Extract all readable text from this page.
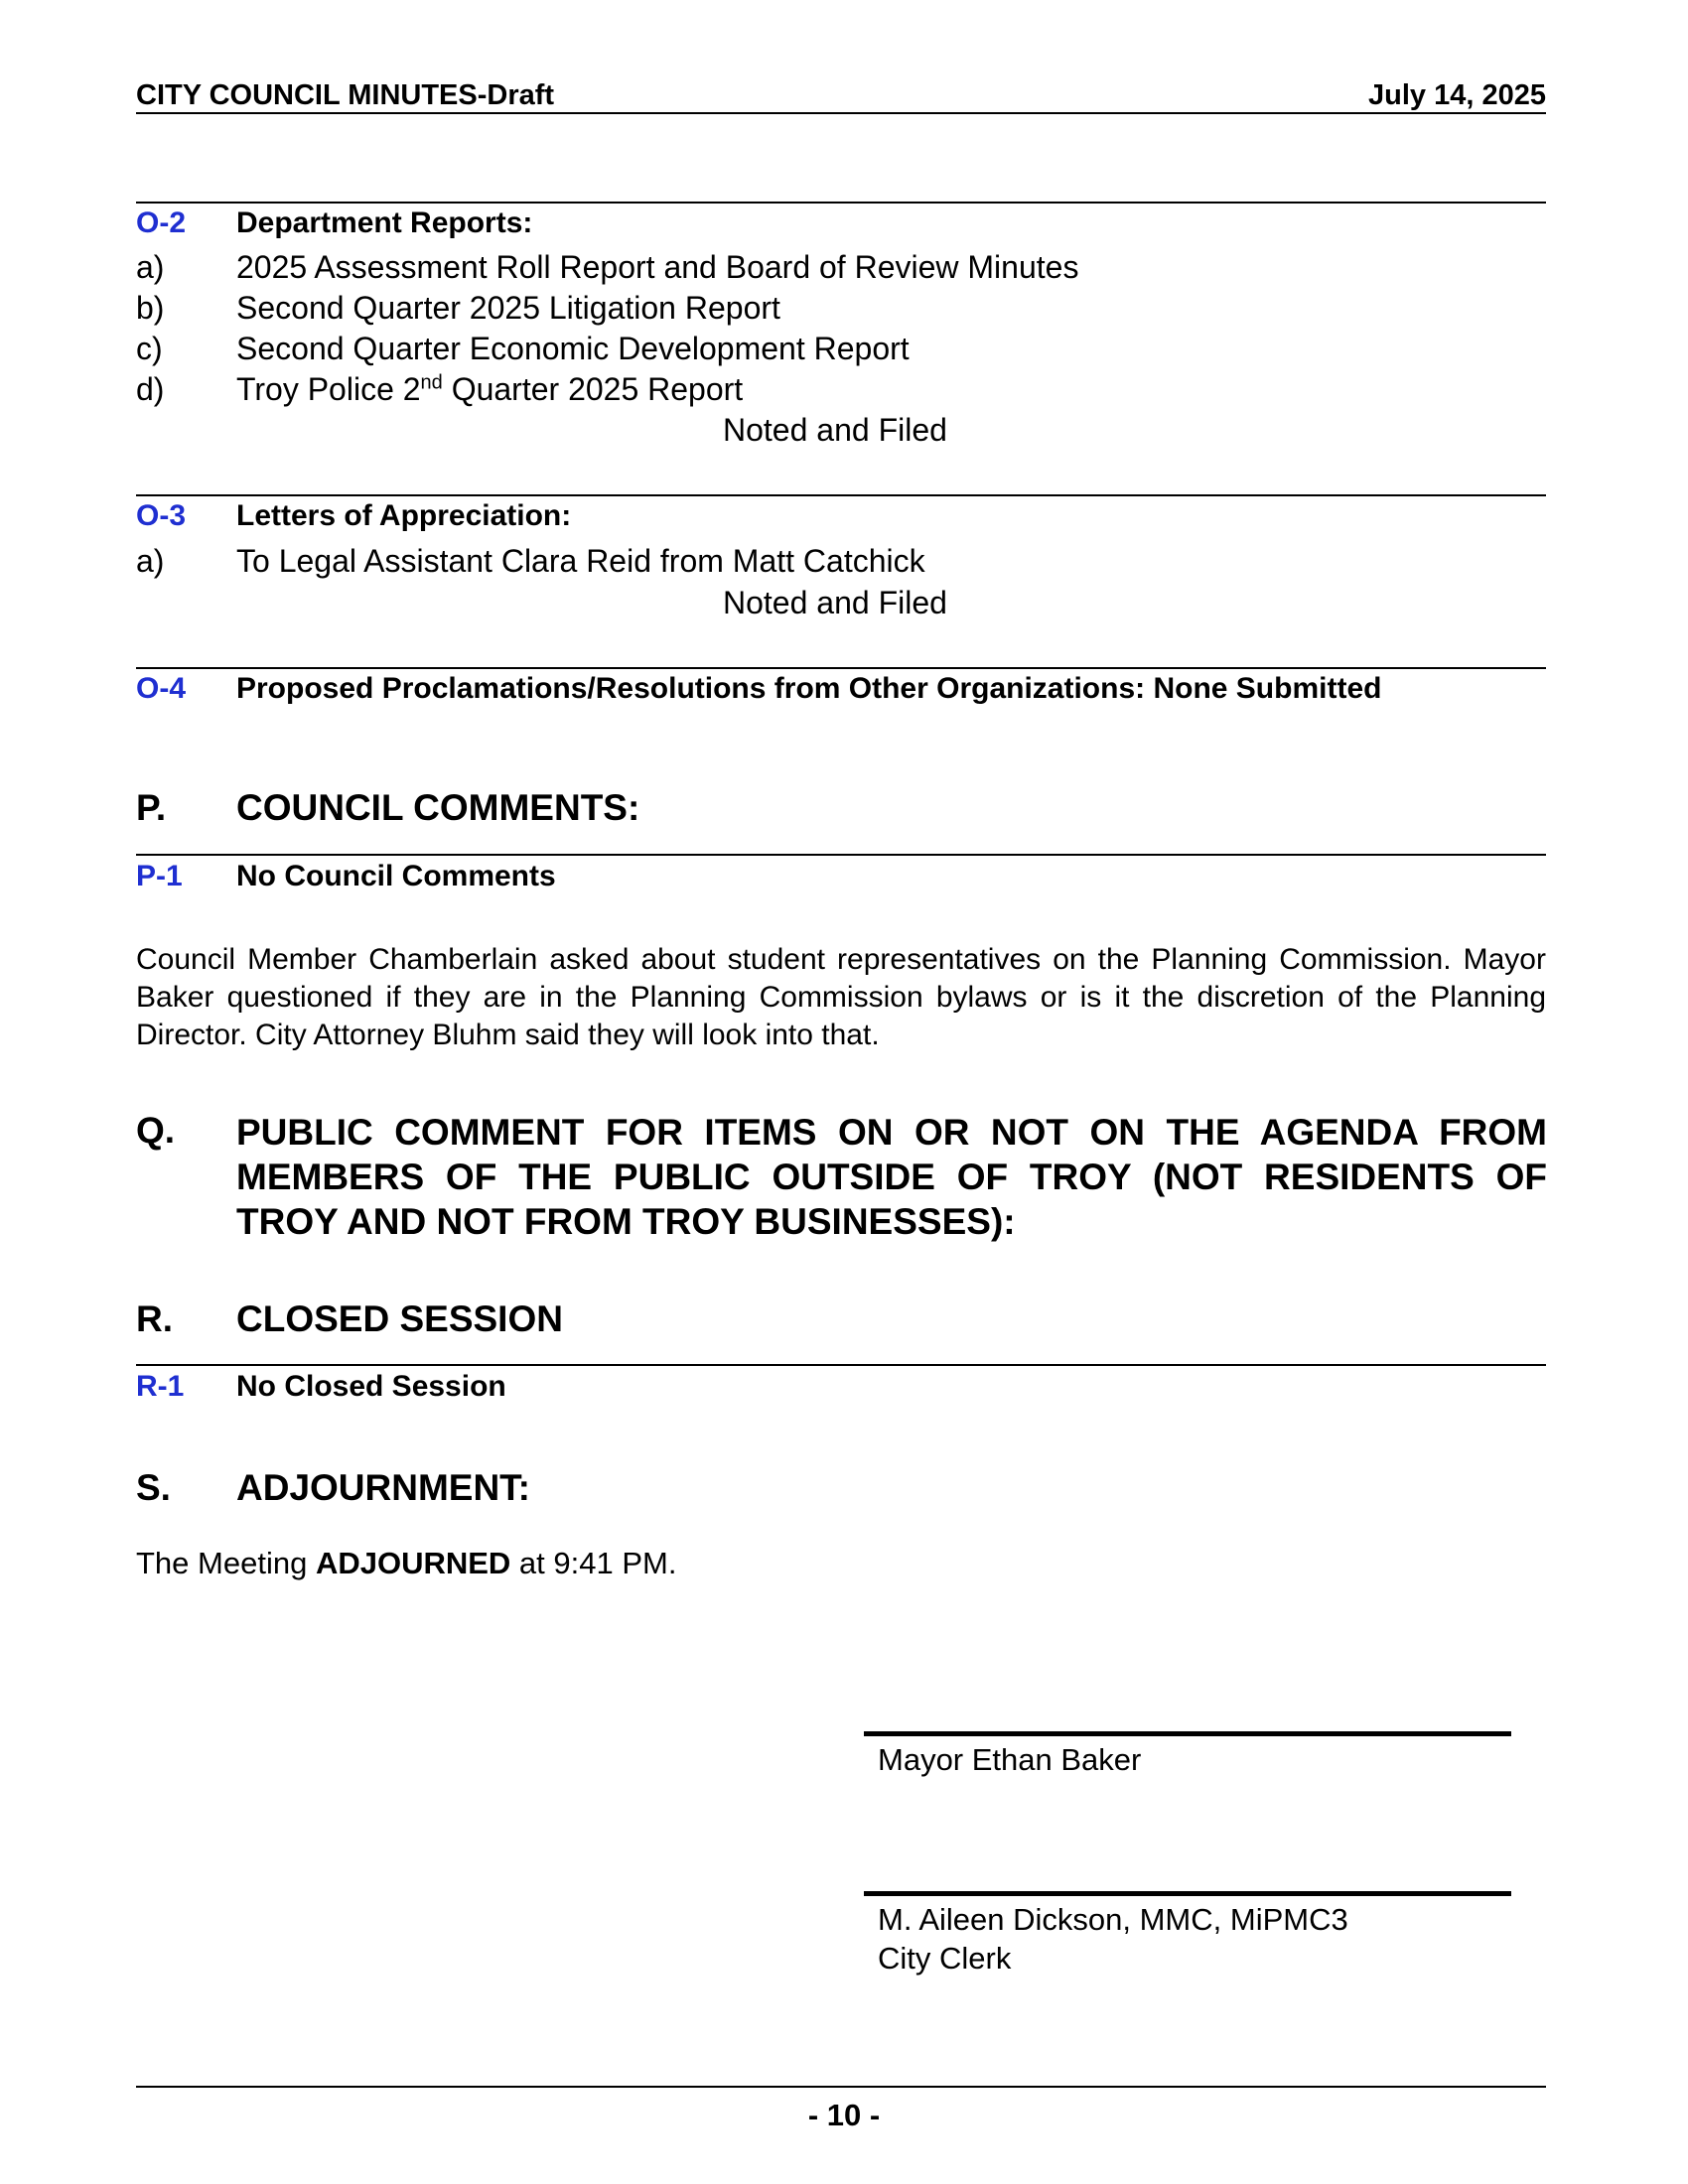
CITY COUNCIL MINUTES-Draft	July 14, 2025
O-2 Department Reports:
a) 2025 Assessment Roll Report and Board of Review Minutes
b) Second Quarter 2025 Litigation Report
c) Second Quarter Economic Development Report
d) Troy Police 2nd Quarter 2025 Report
Noted and Filed
O-3 Letters of Appreciation:
a) To Legal Assistant Clara Reid from Matt Catchick
Noted and Filed
O-4 Proposed Proclamations/Resolutions from Other Organizations: None Submitted
P. COUNCIL COMMENTS:
P-1 No Council Comments
Council Member Chamberlain asked about student representatives on the Planning Commission. Mayor Baker questioned if they are in the Planning Commission bylaws or is it the discretion of the Planning Director. City Attorney Bluhm said they will look into that.
Q. PUBLIC COMMENT FOR ITEMS ON OR NOT ON THE AGENDA FROM
MEMBERS OF THE PUBLIC OUTSIDE OF TROY (NOT RESIDENTS OF
TROY AND NOT FROM TROY BUSINESSES):
R. CLOSED SESSION
R-1 No Closed Session
S. ADJOURNMENT:
The Meeting ADJOURNED at 9:41 PM.
Mayor Ethan Baker
M. Aileen Dickson, MMC, MiPMC3
City Clerk
- 10 -
